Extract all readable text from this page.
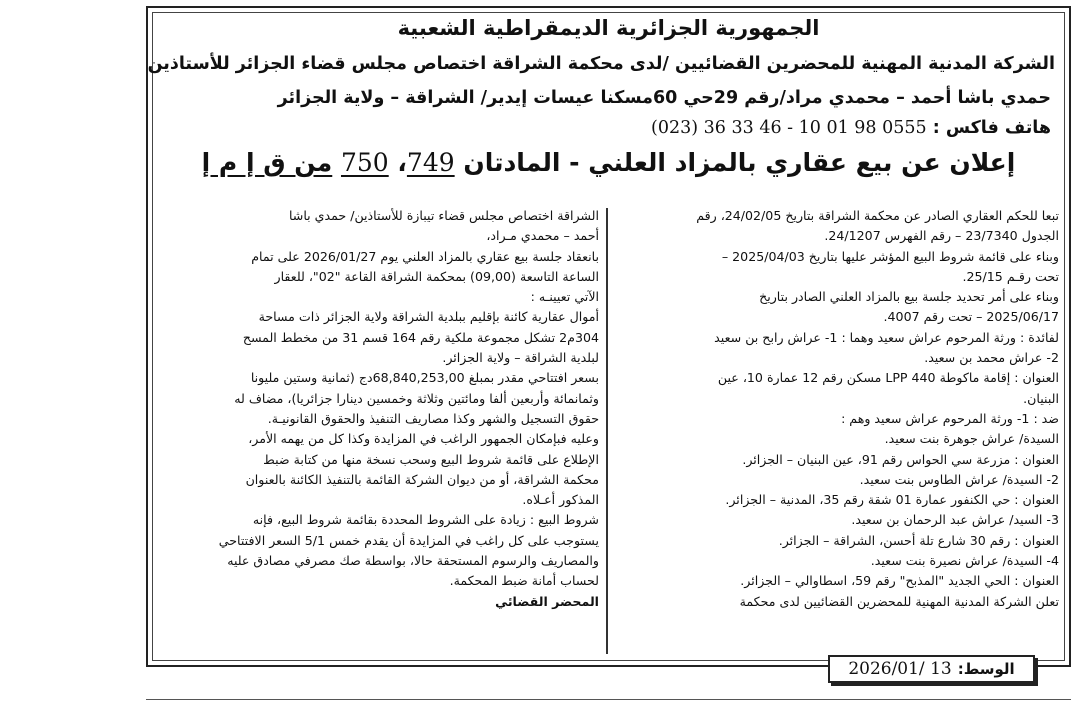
الجمهورية الجزائرية الديمقراطية الشعبية
الشركة المدنية المهنية للمحضرين القضائيين /لدى محكمة الشراقة اختصاص مجلس قضاء الجزائر للأستاذين
حمدي باشا أحمد – محمدي مراد/رقم 29حي 60مسكنا عيسات إيدير/ الشراقة – ولاية الجزائر
هاتف فاكس : (023) 36 33 46 - 10 01 98 0555
إعلان عن بيع عقاري بالمزاد العلني - المادتان 749، 750 من ق إ م إ

تبعا للحكم العقاري الصادر عن محكمة الشراقة بتاريخ 24/02/05، رقم

الجدول 23/7340 – رقم الفهرس 24/1207.

وبناء على قائمة شروط البيع المؤشر عليها بتاريخ 2025/04/03 –

تحت رقـم 25/15.

وبناء على أمر تحديد جلسة بيع بالمزاد العلني الصادر بتاريخ

2025/06/17 – تحت رقم 4007.

لفائدة : ورثة المرحوم عراش سعيد وهما : 1- عراش رابح بن سعيد

2- عراش محمد بن سعيد.

العنوان : إقامة ماكوطة LPP 440 مسكن رقم 12 عمارة 10، عين

البنيان.

ضد : 1- ورثة المرحوم عراش سعيد وهم :

السيدة/ عراش جوهرة بنت سعيد.

العنوان : مزرعة سي الحواس رقم 91، عين البنيان – الجزائر.

2- السيدة/ عراش الطاوس بنت سعيد.

العنوان : حي الكنفور عمارة 01 شقة رقم 35، المدنية – الجزائر.

3- السيد/ عراش عبد الرحمان بن سعيد.

العنوان : رقم 30 شارع تلة أحسن، الشراقة – الجزائر.

4- السيدة/ عراش نصيرة بنت سعيد.

العنوان : الحي الجديد "المذبح" رقم 59، اسطاوالي – الجزائر.

تعلن الشركة المدنية المهنية للمحضرين القضائيين لدى محكمة

الشراقة اختصاص مجلس قضاء تيبازة للأستاذين/ حمدي باشا

أحمد – محمدي مـراد،

بانعقاد جلسة بيع عقاري بالمزاد العلني يوم 2026/01/27 على تمام

الساعة التاسعة (09,00) بمحكمة الشراقة القاعة "02"، للعقار

الآتي تعيينـه :

أموال عقارية كائنة بإقليم ببلدية الشراقة ولاية الجزائر ذات مساحة

304م2 تشكل مجموعة ملكية رقم 164 قسم 31 من مخطط المسح

لبلدية الشراقة – ولاية الجزائر.

بسعر افتتاحي مقدر بمبلغ 68,840,253,00دج (ثمانية وستين مليونا

وثمانمائة وأربعين ألفا ومائتين وثلاثة وخمسين دينارا جزائريا)، مضاف له

حقوق التسجيل والشهر وكذا مصاريف التنفيذ والحقوق القانونيـة.

وعليه فبإمكان الجمهور الراغب في المزايدة وكذا كل من يهمه الأمر،

الإطلاع على قائمة شروط البيع وسحب نسخة منها من كتابة ضبط

محكمة الشراقة، أو من ديوان الشركة القائمة بالتنفيذ الكائنة بالعنوان

المذكور أعـلاه.

شروط البيع : زيادة على الشروط المحددة بقائمة شروط البيع، فإنه

يستوجب على كل راغب في المزايدة أن يقدم خمس 5/1 السعر الافتتاحي

والمصاريف والرسوم المستحقة حالا، بواسطة صك مصرفي مصادق عليه

لحساب أمانة ضبط المحكمة.

المحضر القضائي

الوسط:
2026/01/ 13
